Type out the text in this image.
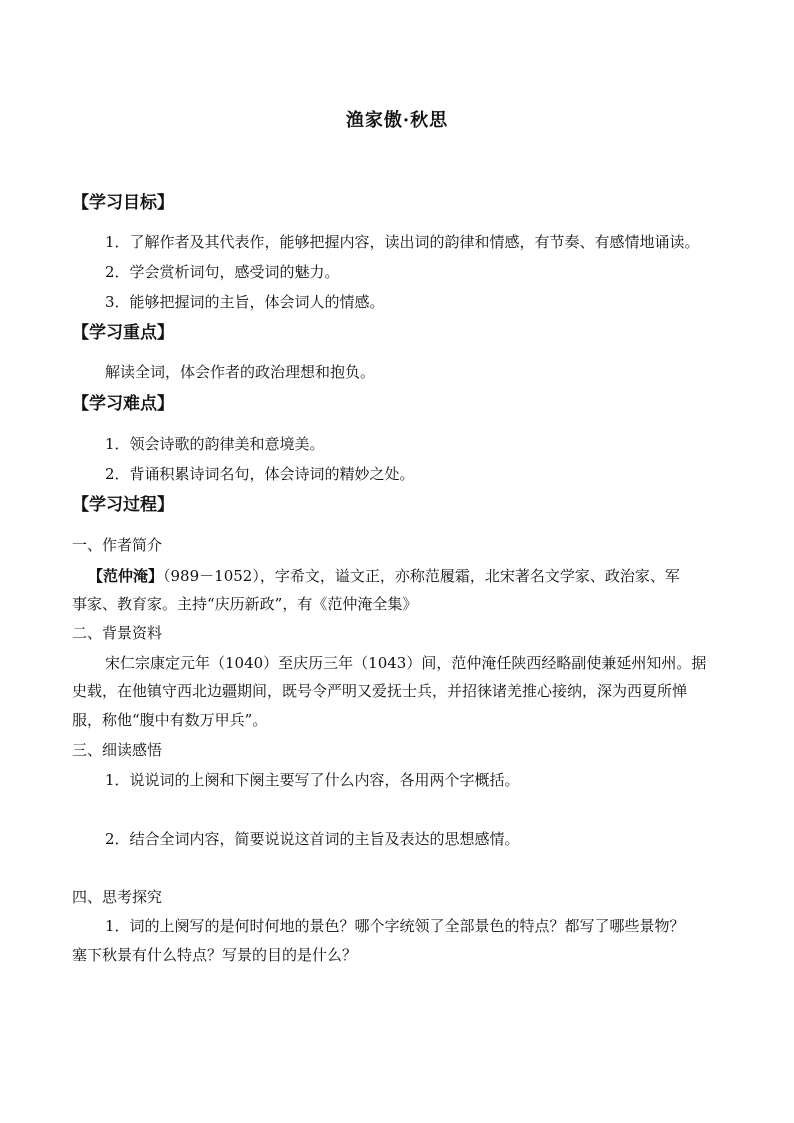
渔家傲·秋思
【学习目标】
1．了解作者及其代表作，能够把握内容，读出词的韵律和情感，有节奏、有感情地诵读。
2．学会赏析词句，感受词的魅力。
3．能够把握词的主旨，体会词人的情感。
【学习重点】
解读全词，体会作者的政治理想和抱负。
【学习难点】
1．领会诗歌的韵律美和意境美。
2．背诵积累诗词名句，体会诗词的精妙之处。
【学习过程】
一、作者简介
【范仲淹】（989－1052），字希文，谥文正，亦称范履霜，北宋著名文学家、政治家、军
事家、教育家。主持“庆历新政”，有《范仲淹全集》
二、背景资料
宋仁宗康定元年（1040）至庆历三年（1043）间，范仲淹任陕西经略副使兼延州知州。据
史载，在他镇守西北边疆期间，既号令严明又爱抚士兵，并招徕诸羌推心接纳，深为西夏所惮
服，称他“腹中有数万甲兵”。
三、细读感悟
1．说说词的上阕和下阕主要写了什么内容，各用两个字概括。
2．结合全词内容，简要说说这首词的主旨及表达的思想感情。
四、思考探究
1．词的上阕写的是何时何地的景色？哪个字统领了全部景色的特点？都写了哪些景物？
塞下秋景有什么特点？写景的目的是什么？
